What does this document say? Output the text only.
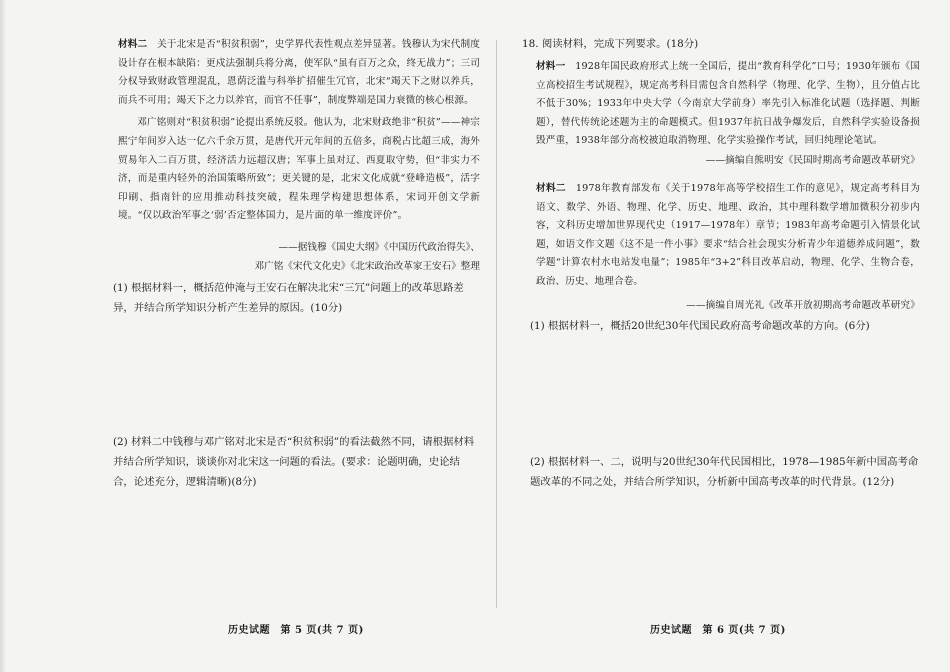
材料二　 关于北宋是否“积贫积弱”，史学界代表性观点差异显著。钱穆认为宋代制度设计存在根本缺陷：更戍法强制兵将分离，使军队“虽有百万之众，终无战力”；三司分权导致财政管理混乱，恩荫泛滥与科举扩招催生冗官，北宋“竭天下之财以养兵，而兵不可用；竭天下之力以养官，而官不任事”，制度弊端是国力衰微的核心根源。

邓广铭则对“积贫积弱”论提出系统反驳。他认为，北宋财政绝非“积贫”——神宗熙宁年间岁入达一亿六千余万贯，是唐代开元年间的五倍多，商税占比超三成，海外贸易年入二百万贯，经济活力远超汉唐；军事上虽对辽、西夏取守势，但“非实力不济，而是重内轻外的治国策略所致”；更关键的是，北宋文化成就“登峰造极”，活字印刷、指南针的应用推动科技突破，程朱理学构建思想体系，宋词开创文学新境。“仅以政治军事之‘弱’否定整体国力，是片面的单一维度评价”。

——据钱穆《国史大纲》《中国历代政治得失》、

邓广铭《宋代文化史》《北宋政治改革家王安石》整理

(1) 根据材料一，概括范仲淹与王安石在解决北宋“三冗”问题上的改革思路差异，并结合所学知识分析产生差异的原因。(10分)
(2) 材料二中钱穆与邓广铭对北宋是否“积贫积弱”的看法截然不同，请根据材料并结合所学知识，谈谈你对北宋这一问题的看法。(要求：论题明确，史论结合，论述充分，逻辑清晰)(8分)
历史试题　第 5 页(共 7 页)
18. 阅读材料，完成下列要求。(18分)

材料一　 1928年国民政府形式上统一全国后，提出“教育科学化”口号；1930年颁布《国立高校招生考试规程》，规定高考科目需包含自然科学（物理、化学、生物），且分值占比不低于30%；1933年中央大学（今南京大学前身）率先引入标准化试题（选择题、判断题），替代传统论述题为主的命题模式。但1937年抗日战争爆发后，自然科学实验设备损毁严重，1938年部分高校被迫取消物理、化学实验操作考试，回归纯理论笔试。

——摘编自熊明安《民国时期高考命题改革研究》

材料二　 1978年教育部发布《关于1978年高等学校招生工作的意见》，规定高考科目为语文、数学、外语、物理、化学、历史、地理、政治，其中理科数学增加微积分初步内容，文科历史增加世界现代史（1917—1978年）章节；1983年高考命题引入情景化试题，如语文作文题《这不是一件小事》要求“结合社会现实分析青少年道德养成问题”，数学题“计算农村水电站发电量”；1985年“3+2”科目改革启动，物理、化学、生物合卷，政治、历史、地理合卷。

——摘编自周光礼《改革开放初期高考命题改革研究》

(1) 根据材料一，概括20世纪30年代国民政府高考命题改革的方向。(6分)
(2) 根据材料一、二，说明与20世纪30年代民国相比，1978—1985年新中国高考命题改革的不同之处，并结合所学知识，分析新中国高考改革的时代背景。(12分)
历史试题　第 6 页(共 7 页)
